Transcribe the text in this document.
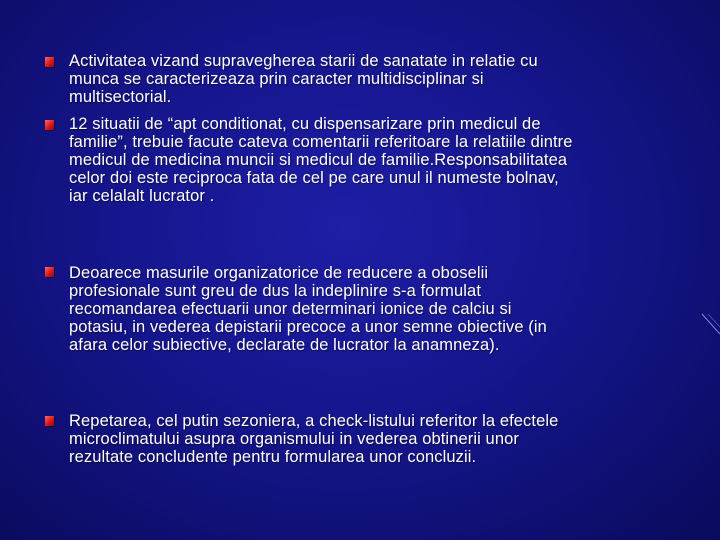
Activitatea vizand supravegherea starii de sanatate in relatie cu
munca se caracterizeaza prin caracter multidisciplinar si
multisectorial.
12 situatii de “apt conditionat, cu dispensarizare prin medicul de
familie”, trebuie facute cateva comentarii referitoare la relatiile dintre
medicul de medicina muncii si medicul de familie.Responsabilitatea
celor doi este reciproca fata de cel pe care unul il numeste bolnav,
iar celalalt lucrator .
Deoarece masurile organizatorice de reducere a oboselii
profesionale sunt greu de dus la indeplinire s-a formulat
recomandarea efectuarii unor determinari ionice de calciu si
potasiu, in vederea depistarii precoce a unor semne obiective (in
afara celor subiective, declarate de lucrator la anamneza).
Repetarea, cel putin sezoniera, a check-listului referitor la efectele
microclimatului asupra organismului in vederea obtinerii unor
rezultate concludente pentru formularea unor concluzii.
